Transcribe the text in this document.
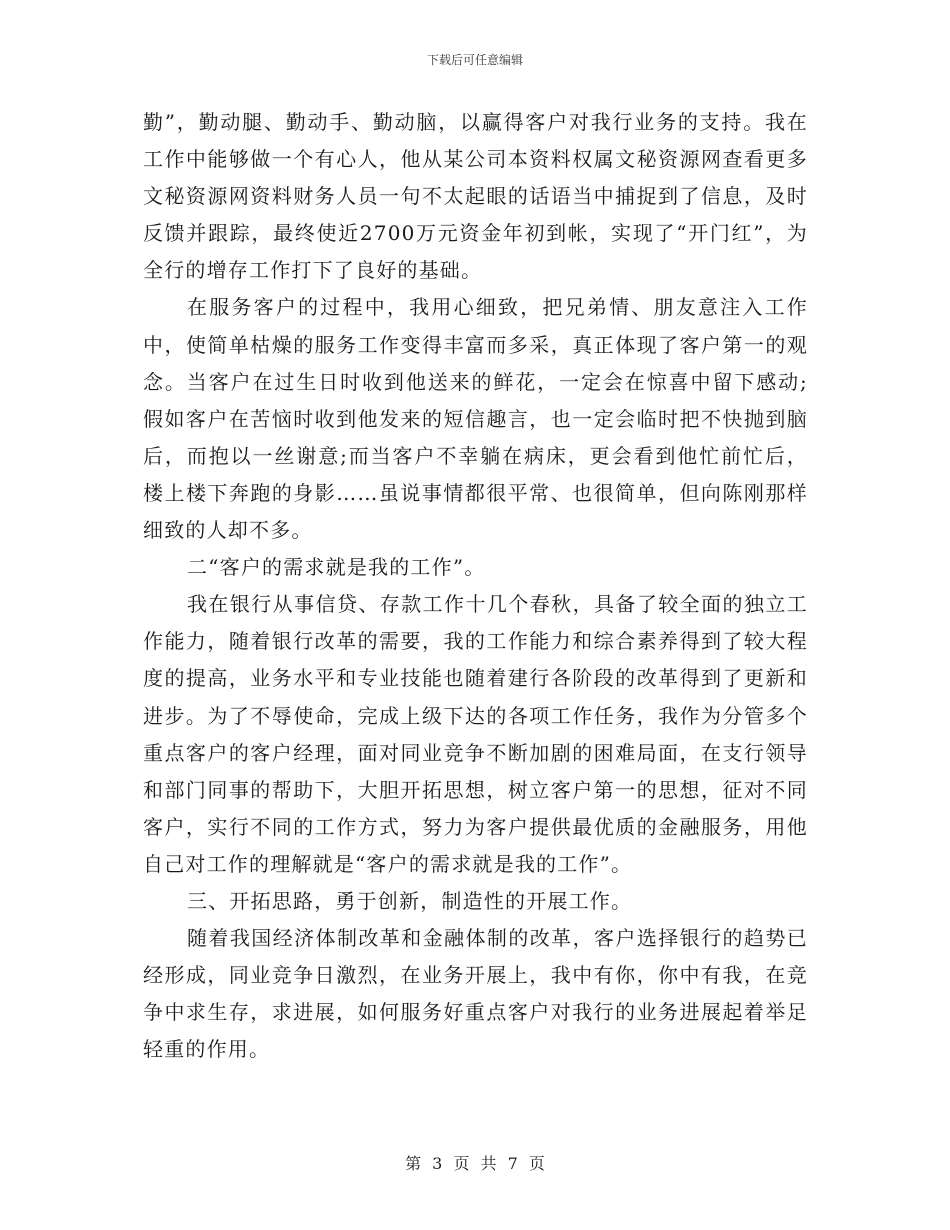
下载后可任意编辑

勤”，勤动腿、勤动手、勤动脑，以赢得客户对我行业务的支持。我在工作中能够做一个有心人，他从某公司本资料权属文秘资源网查看更多文秘资源网资料财务人员一句不太起眼的话语当中捕捉到了信息，及时反馈并跟踪，最终使近2700万元资金年初到帐，实现了“开门红”，为全行的增存工作打下了良好的基础。

在服务客户的过程中，我用心细致，把兄弟情、朋友意注入工作中，使简单枯燥的服务工作变得丰富而多采，真正体现了客户第一的观念。当客户在过生日时收到他送来的鲜花，一定会在惊喜中留下感动;假如客户在苦恼时收到他发来的短信趣言，也一定会临时把不快抛到脑后，而抱以一丝谢意;而当客户不幸躺在病床，更会看到他忙前忙后，楼上楼下奔跑的身影……虽说事情都很平常、也很简单，但向陈刚那样细致的人却不多。

二“客户的需求就是我的工作”。

我在银行从事信贷、存款工作十几个春秋，具备了较全面的独立工作能力，随着银行改革的需要，我的工作能力和综合素养得到了较大程度的提高，业务水平和专业技能也随着建行各阶段的改革得到了更新和进步。为了不辱使命，完成上级下达的各项工作任务，我作为分管多个重点客户的客户经理，面对同业竞争不断加剧的困难局面，在支行领导和部门同事的帮助下，大胆开拓思想，树立客户第一的思想，征对不同客户，实行不同的工作方式，努力为客户提供最优质的金融服务，用他自己对工作的理解就是“客户的需求就是我的工作”。

三、开拓思路，勇于创新，制造性的开展工作。

随着我国经济体制改革和金融体制的改革，客户选择银行的趋势已经形成，同业竞争日激烈，在业务开展上，我中有你，你中有我，在竞争中求生存，求进展，如何服务好重点客户对我行的业务进展起着举足轻重的作用。

第 3 页 共 7 页
